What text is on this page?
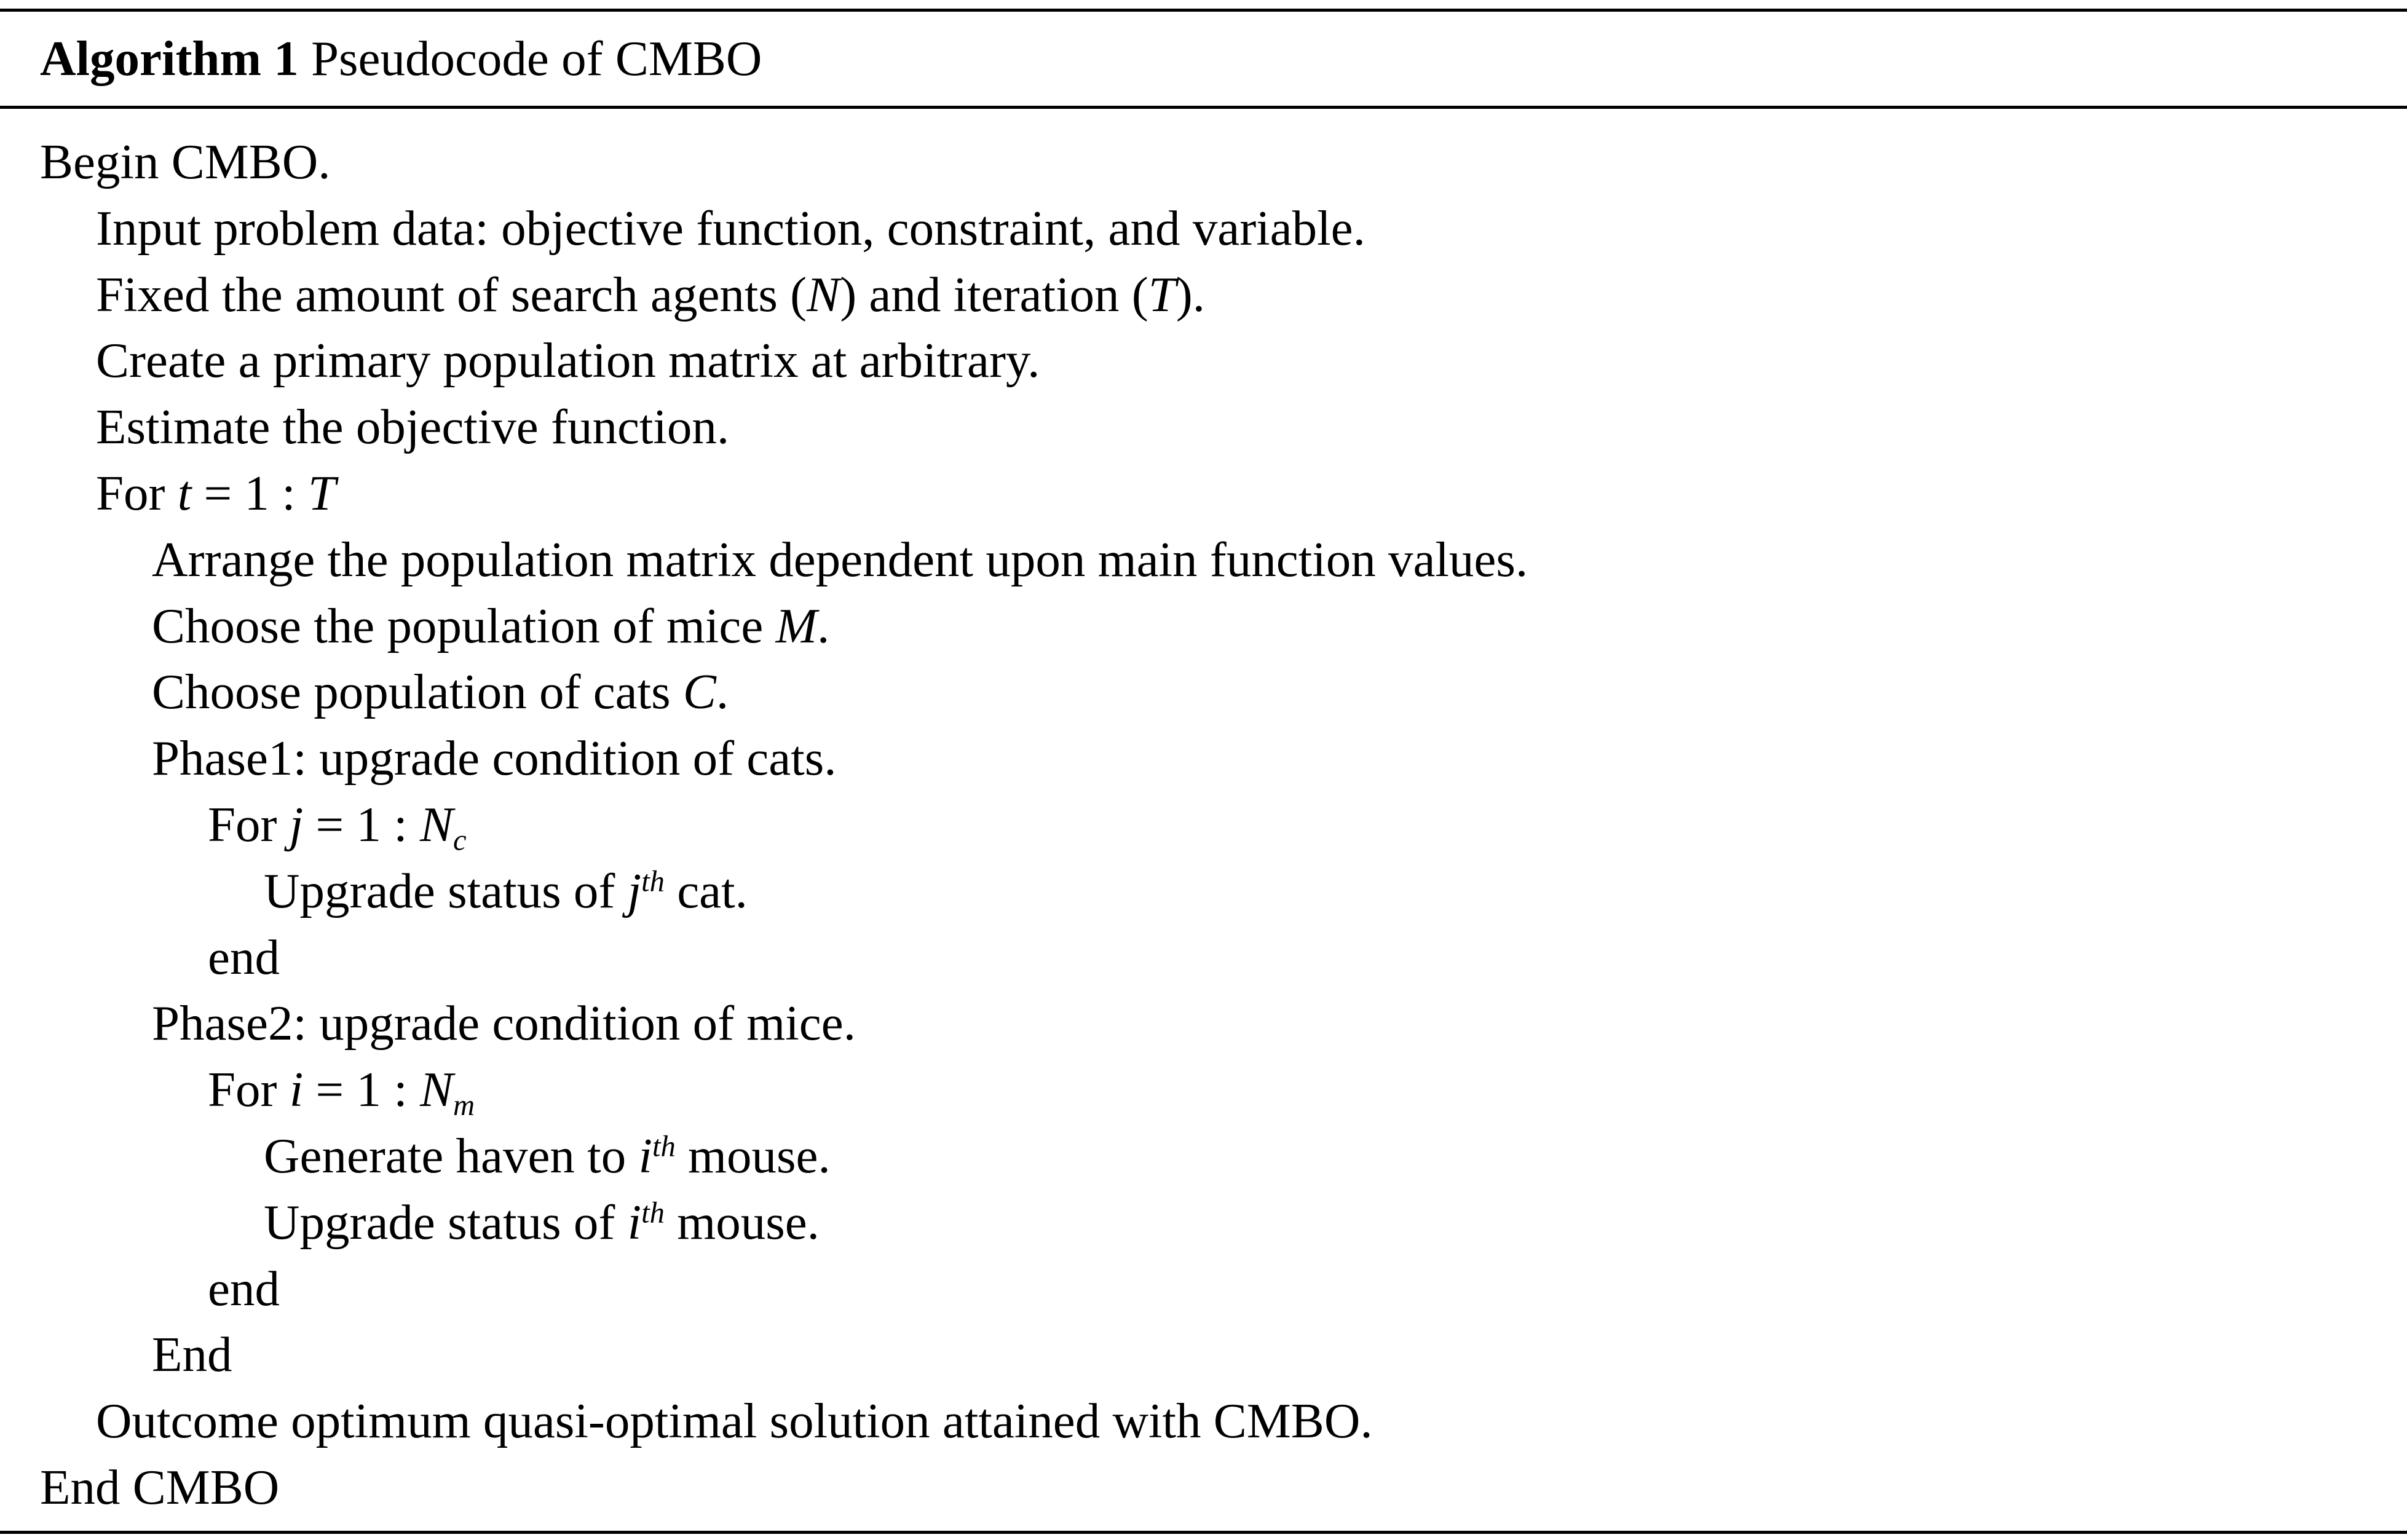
Algorithm 1 Pseudocode of CMBO
Begin CMBO.
Input problem data: objective function, constraint, and variable.
Fixed the amount of search agents (N) and iteration (T).
Create a primary population matrix at arbitrary.
Estimate the objective function.
For t = 1 : T
Arrange the population matrix dependent upon main function values.
Choose the population of mice M.
Choose population of cats C.
Phase1: upgrade condition of cats.
For j = 1 : $N_c$
Upgrade status of $j^{th}$ cat.
end
Phase2: upgrade condition of mice.
For i = 1 : $N_m$
Generate haven to $i^{th}$ mouse.
Upgrade status of $i^{th}$ mouse.
end
End
Outcome optimum quasi-optimal solution attained with CMBO.
End CMBO
